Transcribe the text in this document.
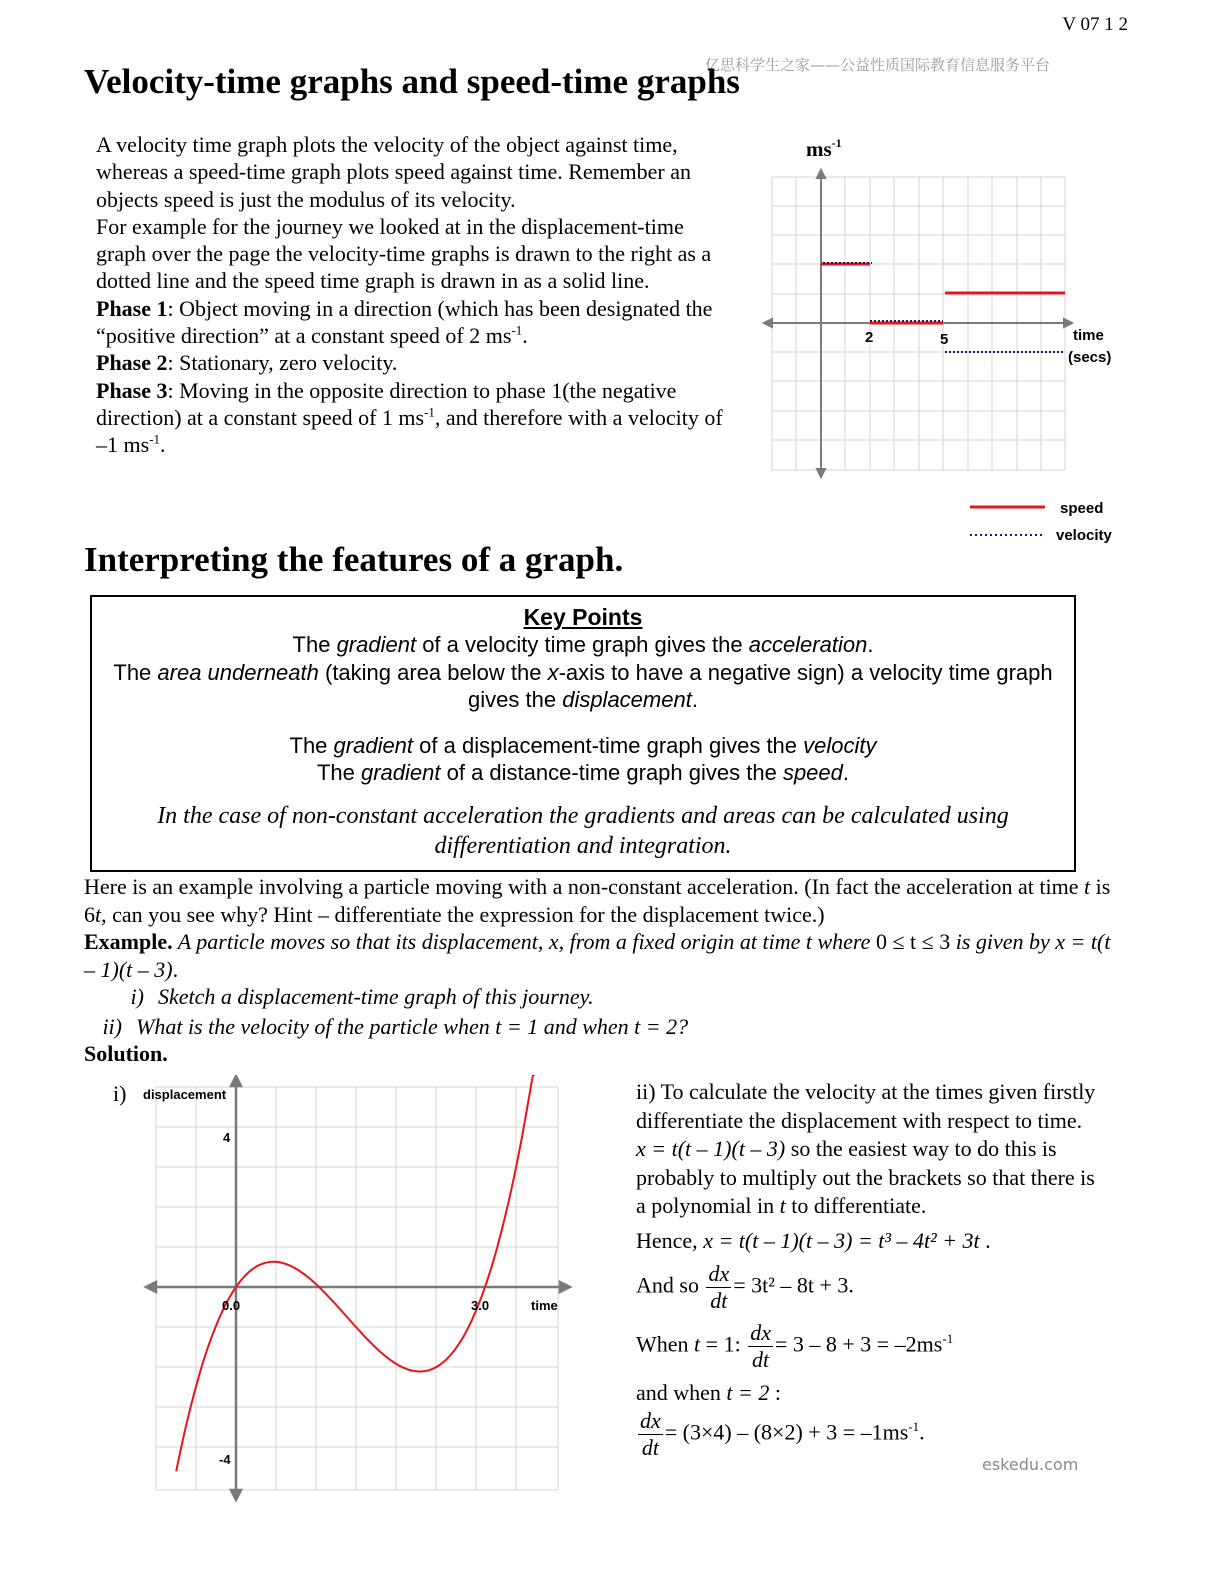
V 07 1 2
亿思科学生之家——公益性质国际教育信息服务平台
Velocity-time graphs and speed-time graphs

A velocity time graph plots the velocity of the object against time, whereas a speed-time graph plots speed against time. Remember an objects speed is just the modulus of its velocity.

For example for the journey we looked at in the displacement-time graph over the page the velocity-time graphs is drawn to the right as a dotted line and the speed time graph is drawn in as a solid line.

Phase 1: Object moving in a direction (which has been designated the “positive direction” at a constant speed of 2 $ms^{-1}$.

Phase 2: Stationary, zero velocity.

Phase 3: Moving in the opposite direction to phase 1(the negative direction) at a constant speed of 1 $ms^{-1}$, and therefore with a velocity of –1 $ms^{-1}$.

$ms^{-1}$
2	5	time
(secs)
speed
velocity
Interpreting the features of a graph.
Key Points
The gradient of a velocity time graph gives the acceleration.
The area underneath (taking area below the x-axis to have a negative sign) a velocity time graph gives the displacement.
The gradient of a displacement-time graph gives the velocity
The gradient of a distance-time graph gives the speed.
In the case of non-constant acceleration the gradients and areas can be calculated using differentiation and integration.

Here is an example involving a particle moving with a non-constant acceleration. (In fact the acceleration at time t is 6t, can you see why? Hint – differentiate the expression for the displacement twice.)

Example. A particle moves so that its displacement, x, from a fixed origin at time t where 0 ≤ t ≤ 3 is given by x = t(t – 1)(t – 3).

i) Sketch a displacement-time graph of this journey.

ii) What is the velocity of the particle when t = 1 and when t = 2?

Solution.

i) displacement
4
-4
0.0	3.0	time

ii) To calculate the velocity at the times given firstly differentiate the displacement with respect to time.

x = t(t – 1)(t – 3) so the easiest way to do this is probably to multiply out the brackets so that there is a polynomial in t to differentiate.

Hence, x = t(t – 1)(t – 3) = t³ – 4t² + 3t .

And so $\frac{dx}{dt} = 3t^2 - 8t + 3$.

When t = 1: $\frac{dx}{dt} = 3 - 8 + 3 = -2ms^{-1}$

and when t = 2 :

$\frac{dx}{dt} = (3\times 4) - (8\times 2) + 3 = -1ms^{-1}$.

eskedu.com
